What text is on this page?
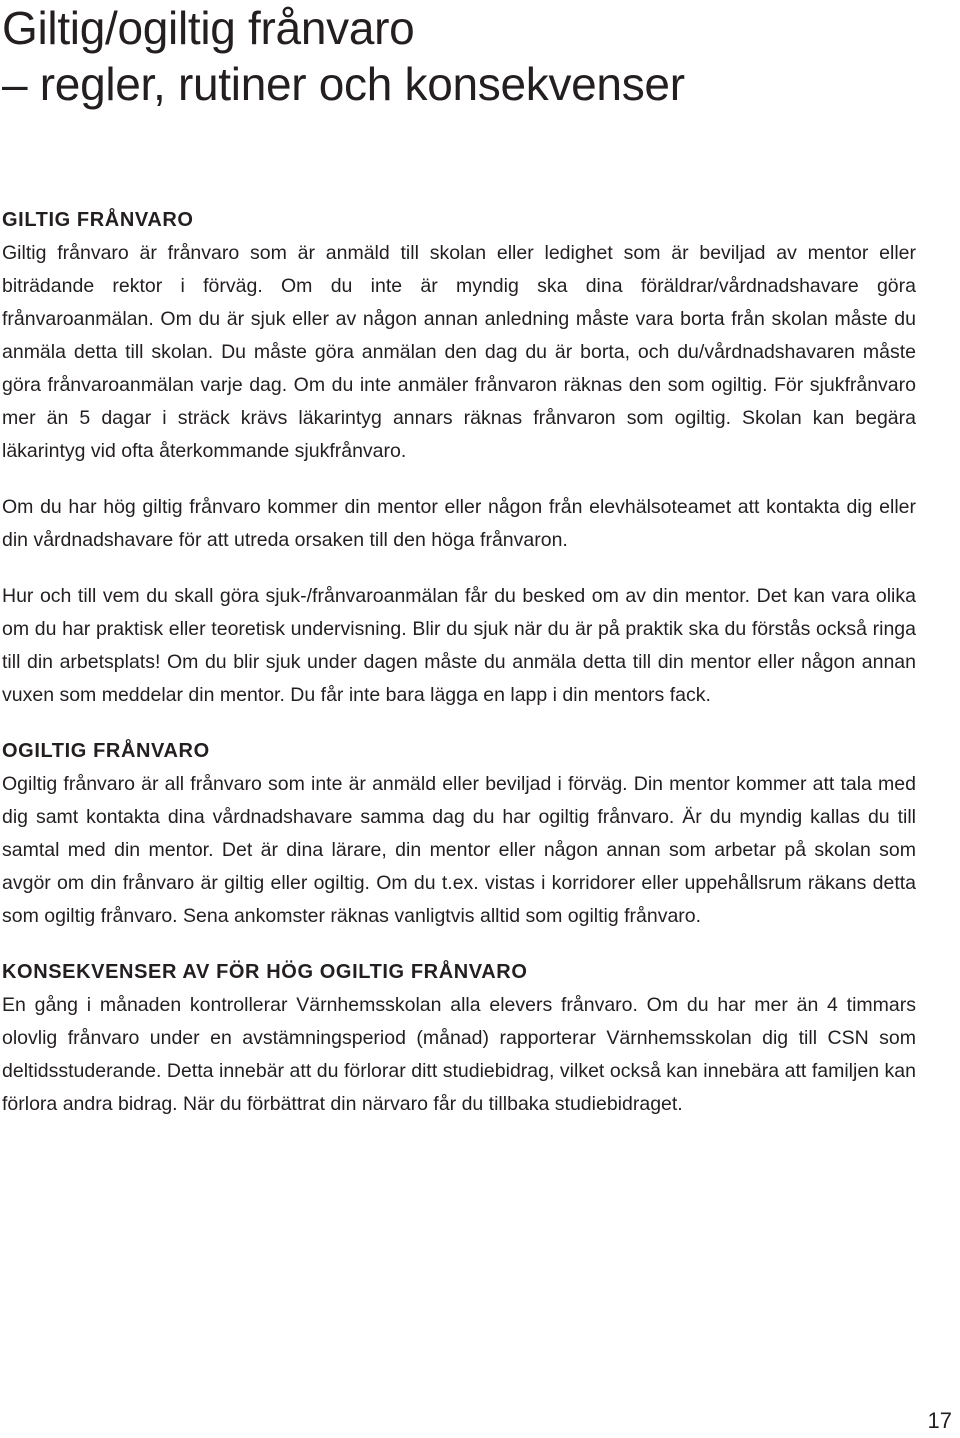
Giltig/ogiltig frånvaro
– regler, rutiner och konsekvenser
GILTIG FRÅNVARO

Giltig frånvaro är frånvaro som är anmäld till skolan eller ledighet som är beviljad av mentor eller biträdande rektor i förväg. Om du inte är myndig ska dina föräldrar/vårdnadshavare göra frånvaroanmälan. Om du är sjuk eller av någon annan anledning måste vara borta från skolan måste du anmäla detta till skolan. Du måste göra anmälan den dag du är borta, och du/vårdnadshavaren måste göra frånvaroanmälan varje dag. Om du inte anmäler frånvaron räknas den som ogiltig. För sjukfrånvaro mer än 5 dagar i sträck krävs läkarintyg annars räknas frånvaron som ogiltig. Skolan kan begära läkarintyg vid ofta återkommande sjukfrånvaro.

Om du har hög giltig frånvaro kommer din mentor eller någon från elevhälsoteamet att kontakta dig eller din vårdnadshavare för att utreda orsaken till den höga frånvaron.

Hur och till vem du skall göra sjuk-/frånvaroanmälan får du besked om av din mentor. Det kan vara olika om du har praktisk eller teoretisk undervisning. Blir du sjuk när du är på praktik ska du förstås också ringa till din arbetsplats! Om du blir sjuk under dagen måste du anmäla detta till din mentor eller någon annan vuxen som meddelar din mentor. Du får inte bara lägga en lapp i din mentors fack.

OGILTIG FRÅNVARO

Ogiltig frånvaro är all frånvaro som inte är anmäld eller beviljad i förväg. Din mentor kommer att tala med dig samt kontakta dina vårdnadshavare samma dag du har ogiltig frånvaro. Är du myndig kallas du till samtal med din mentor. Det är dina lärare, din mentor eller någon annan som arbetar på skolan som avgör om din frånvaro är giltig eller ogiltig. Om du t.ex. vistas i korridorer eller uppehållsrum räkans detta som ogiltig frånvaro. Sena ankomster räknas vanligtvis alltid som ogiltig frånvaro.

KONSEKVENSER AV FÖR HÖG OGILTIG FRÅNVARO

En gång i månaden kontrollerar Värnhemsskolan alla elevers frånvaro. Om du har mer än 4 timmars olovlig frånvaro under en avstämningsperiod (månad) rapporterar Värnhemsskolan dig till CSN som deltidsstuderande. Detta innebär att du förlorar ditt studiebidrag, vilket också kan innebära att familjen kan förlora andra bidrag. När du förbättrat din närvaro får du tillbaka studiebidraget.

17
